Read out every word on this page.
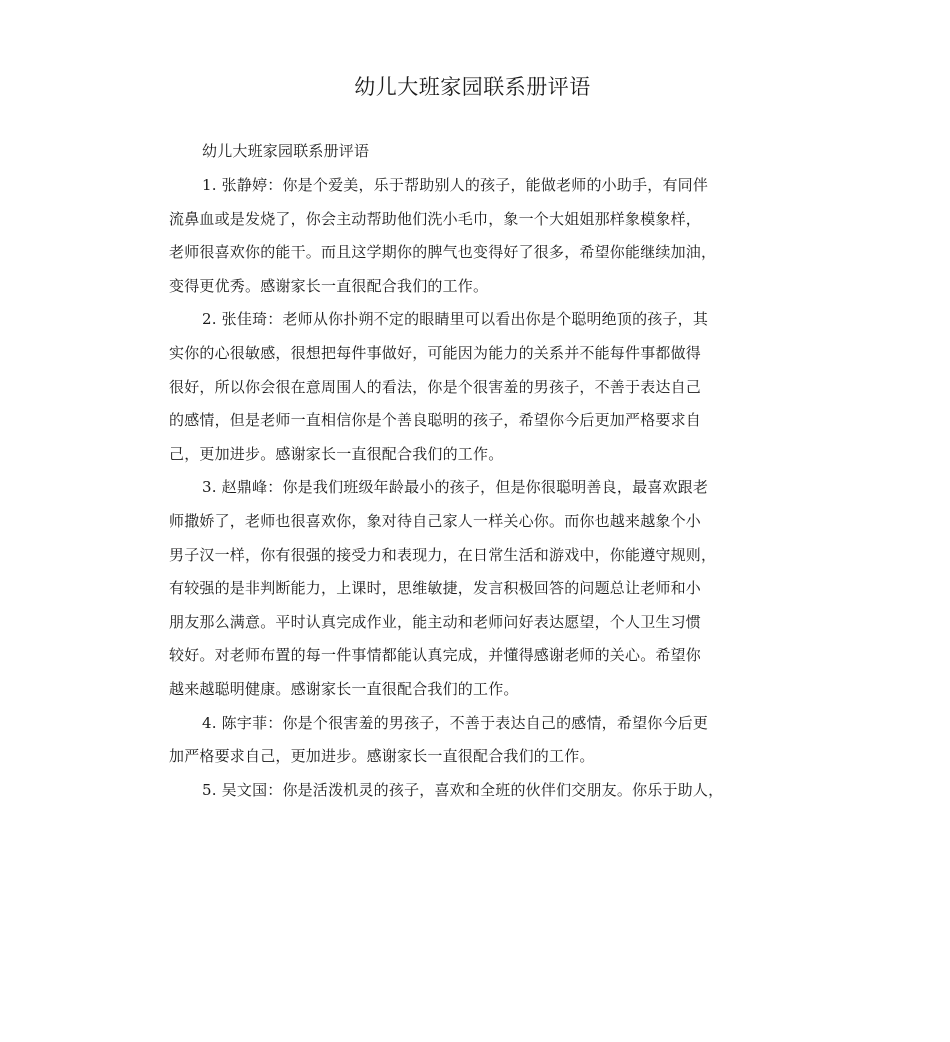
幼儿大班家园联系册评语
幼儿大班家园联系册评语
1. 张静婷：你是个爱美，乐于帮助别人的孩子，能做老师的小助手，有同伴
流鼻血或是发烧了，你会主动帮助他们洗小毛巾，象一个大姐姐那样象模象样，
老师很喜欢你的能干。而且这学期你的脾气也变得好了很多，希望你能继续加油，
变得更优秀。感谢家长一直很配合我们的工作。
2. 张佳琦：老师从你扑朔不定的眼睛里可以看出你是个聪明绝顶的孩子，其
实你的心很敏感，很想把每件事做好，可能因为能力的关系并不能每件事都做得
很好，所以你会很在意周围人的看法，你是个很害羞的男孩子，不善于表达自己
的感情，但是老师一直相信你是个善良聪明的孩子，希望你今后更加严格要求自
己，更加进步。感谢家长一直很配合我们的工作。
3. 赵鼎峰：你是我们班级年龄最小的孩子，但是你很聪明善良，最喜欢跟老
师撒娇了，老师也很喜欢你，象对待自己家人一样关心你。而你也越来越象个小
男子汉一样，你有很强的接受力和表现力，在日常生活和游戏中，你能遵守规则，
有较强的是非判断能力，上课时，思维敏捷，发言积极回答的问题总让老师和小
朋友那么满意。平时认真完成作业，能主动和老师问好表达愿望，个人卫生习惯
较好。对老师布置的每一件事情都能认真完成，并懂得感谢老师的关心。希望你
越来越聪明健康。感谢家长一直很配合我们的工作。
4. 陈宇菲：你是个很害羞的男孩子，不善于表达自己的感情，希望你今后更
加严格要求自己，更加进步。感谢家长一直很配合我们的工作。
5. 吴文国：你是活泼机灵的孩子，喜欢和全班的伙伴们交朋友。你乐于助人，
